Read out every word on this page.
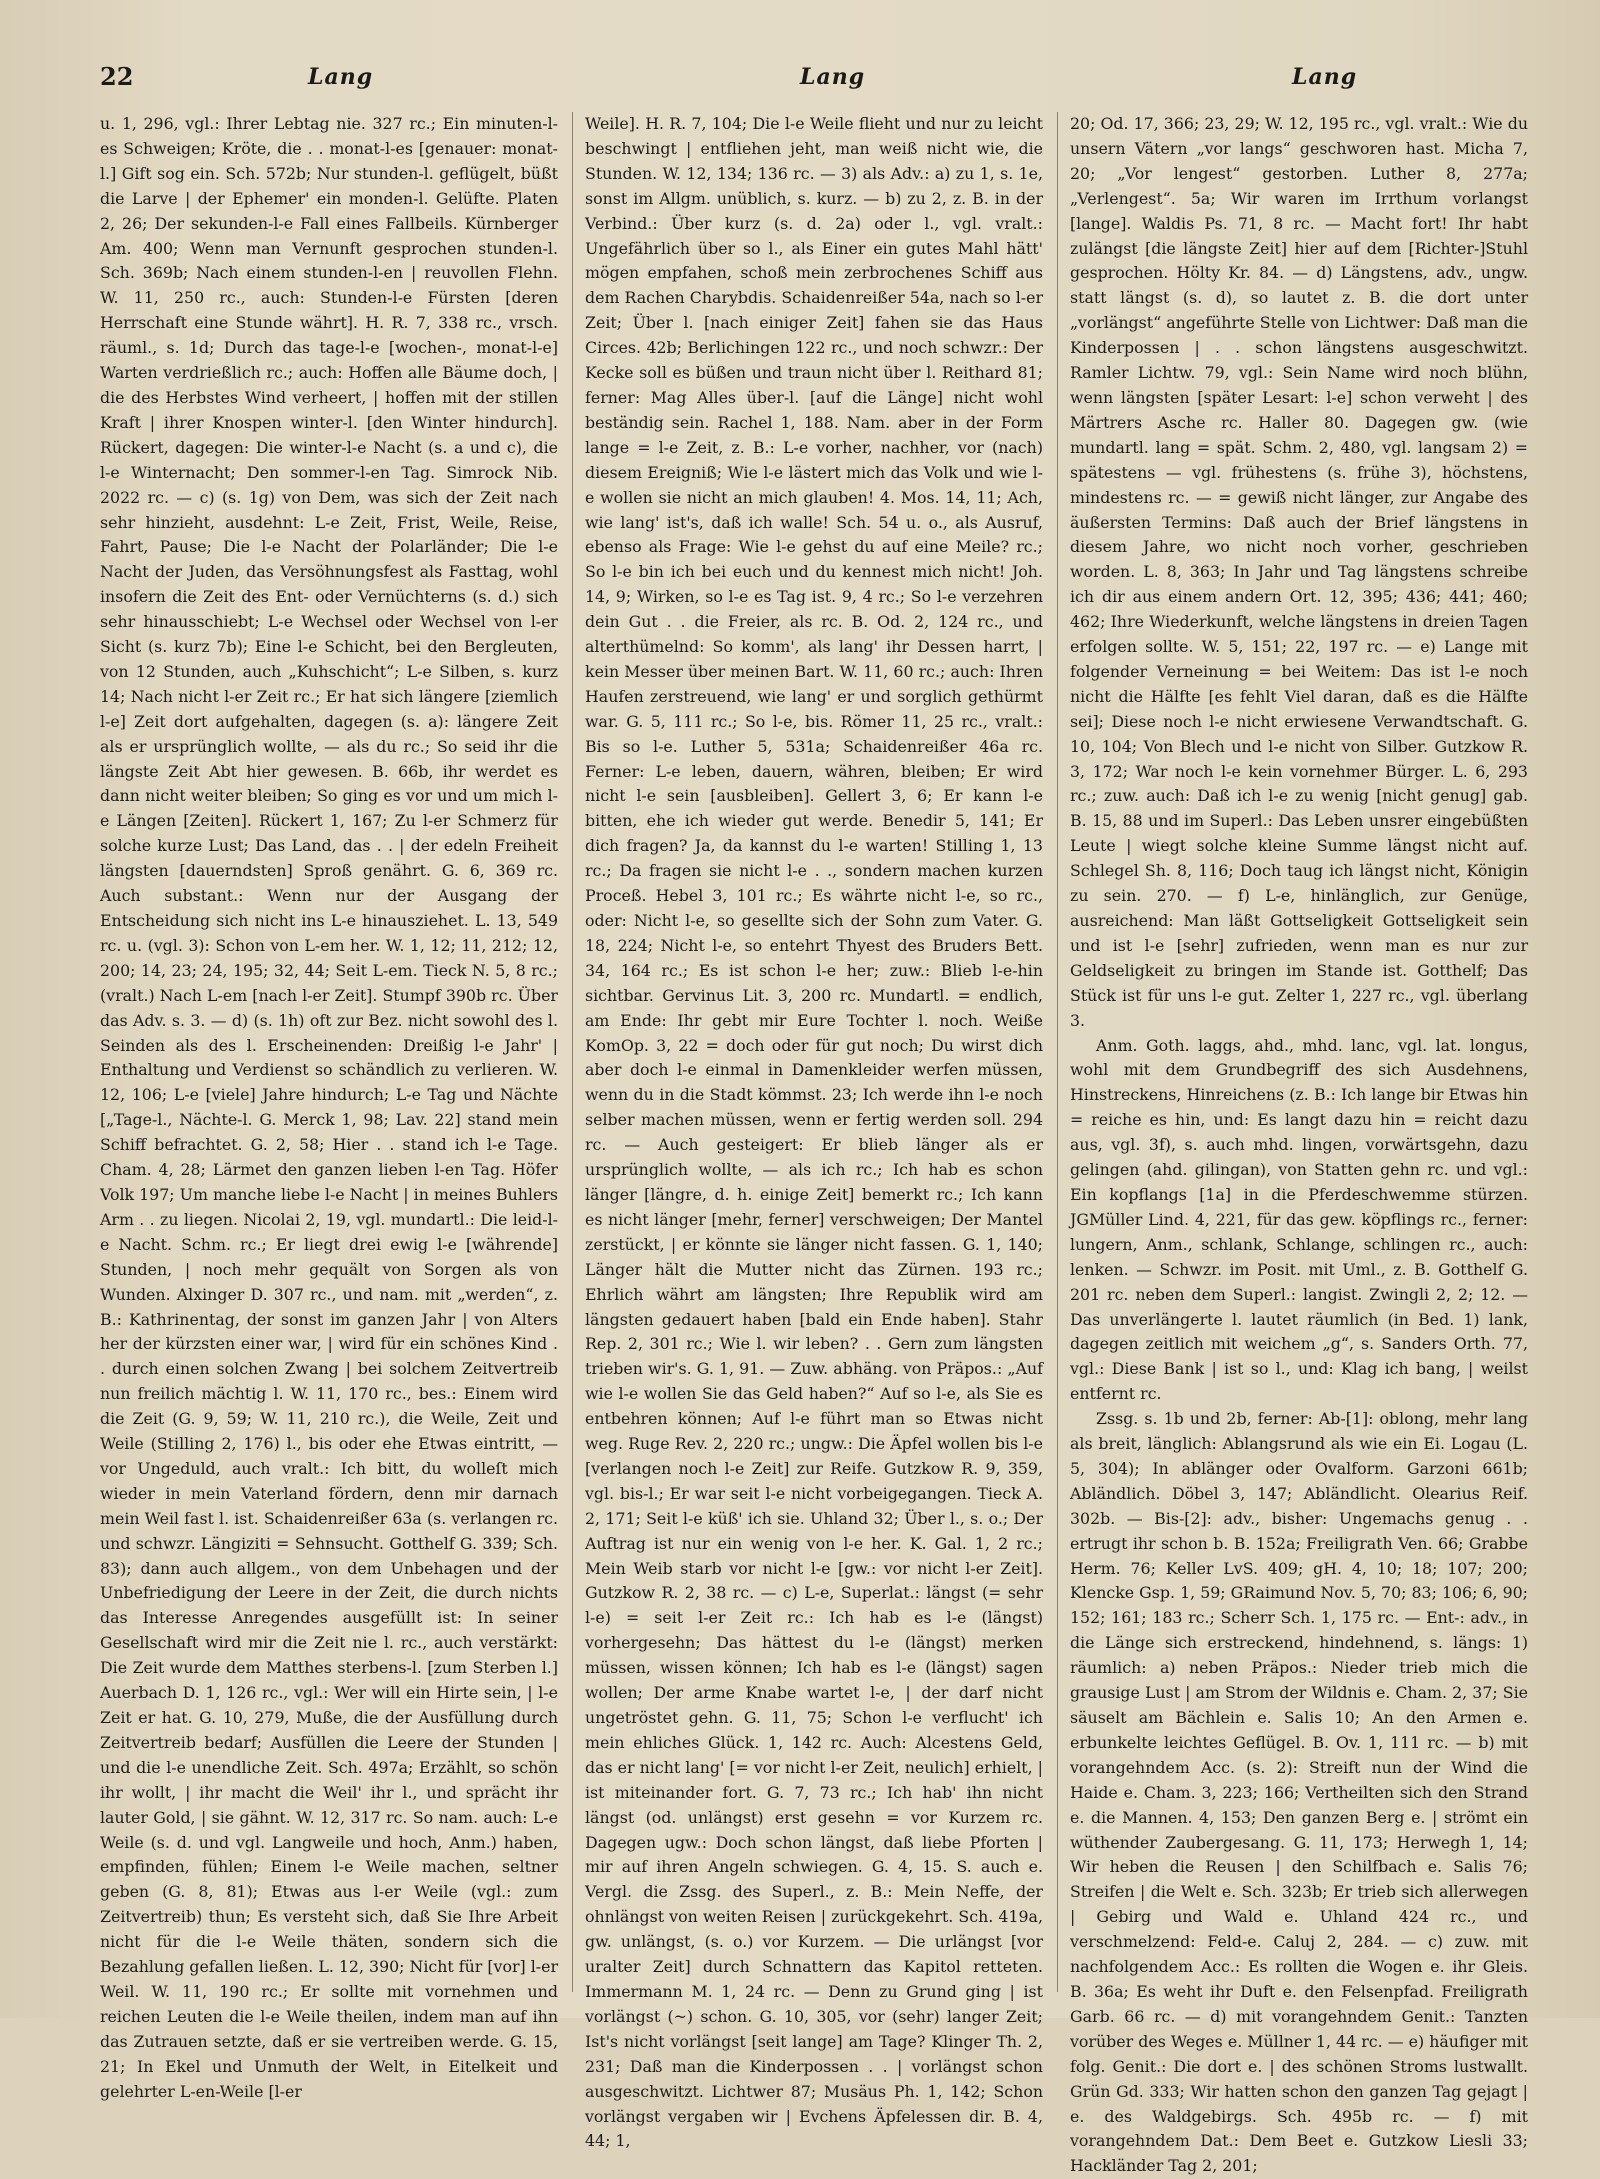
22	Lang	Lang	Lang

u. 1, 296, vgl.: Ihrer Lebtag nie. 327 rc.; Ein minuten-l-es Schweigen; Kröte, die . . monat-l-es [genauer: monat-l.] Gift sog ein. Sch. 572b; Nur stunden-l. geflügelt, büßt die Larve | der Ephemer' ein monden-l. Gelüfte. Platen 2, 26; Der sekunden-l-e Fall eines Fallbeils. Kürnberger Am. 400; Wenn man Vernunft gesprochen stunden-l. Sch. 369b; Nach einem stunden-l-en | reuvollen Flehn. W. 11, 250 rc., auch: Stunden-l-e Fürsten [deren Herrschaft eine Stunde währt]. H. R. 7, 338 rc., vrsch. räuml., s. 1d; Durch das tage-l-e [wochen-, monat-l-e] Warten verdrießlich rc.; auch: Hoffen alle Bäume doch, | die des Herbstes Wind verheert, | hoffen mit der stillen Kraft | ihrer Knospen winter-l. [den Winter hindurch]. Rückert, dagegen: Die winter-l-e Nacht (s. a und c), die l-e Winternacht; Den sommer-l-en Tag. Simrock Nib. 2022 rc. — c) (s. 1g) von Dem, was sich der Zeit nach sehr hinzieht, ausdehnt: L-e Zeit, Frist, Weile, Reise, Fahrt, Pause; Die l-e Nacht der Polarländer; Die l-e Nacht der Juden, das Versöhnungsfest als Fasttag, wohl insofern die Zeit des Ent- oder Vernüchterns (s. d.) sich sehr hinausschiebt; L-e Wechsel oder Wechsel von l-er Sicht (s. kurz 7b); Eine l-e Schicht, bei den Bergleuten, von 12 Stunden, auch „Kuhschicht“; L-e Silben, s. kurz 14; Nach nicht l-er Zeit rc.; Er hat sich längere [ziemlich l-e] Zeit dort aufgehalten, dagegen (s. a): längere Zeit als er ursprünglich wollte, — als du rc.; So seid ihr die längste Zeit Abt hier gewesen. B. 66b, ihr werdet es dann nicht weiter bleiben; So ging es vor und um mich l-e Längen [Zeiten]. Rückert 1, 167; Zu l-er Schmerz für solche kurze Lust; Das Land, das . . | der edeln Freiheit längsten [dauerndsten] Sproß genährt. G. 6, 369 rc. Auch substant.: Wenn nur der Ausgang der Entscheidung sich nicht ins L-e hinausziehet. L. 13, 549 rc. u. (vgl. 3): Schon von L-em her. W. 1, 12; 11, 212; 12, 200; 14, 23; 24, 195; 32, 44; Seit L-em. Tieck N. 5, 8 rc.; (vralt.) Nach L-em [nach l-er Zeit]. Stumpf 390b rc. Über das Adv. s. 3. — d) (s. 1h) oft zur Bez. nicht sowohl des l. Seinden als des l. Erscheinenden: Dreißig l-e Jahr' | Enthaltung und Verdienst so schändlich zu verlieren. W. 12, 106; L-e [viele] Jahre hindurch; L-e Tag und Nächte [„Tage-l., Nächte-l. G. Merck 1, 98; Lav. 22] stand mein Schiff befrachtet. G. 2, 58; Hier . . stand ich l-e Tage. Cham. 4, 28; Lärmet den ganzen lieben l-en Tag. Höfer Volk 197; Um manche liebe l-e Nacht | in meines Buhlers Arm . . zu liegen. Nicolai 2, 19, vgl. mundartl.: Die leid-l-e Nacht. Schm. rc.; Er liegt drei ewig l-e [währende] Stunden, | noch mehr gequält von Sorgen als von Wunden. Alxinger D. 307 rc., und nam. mit „werden“, z. B.: Kathrinentag, der sonst im ganzen Jahr | von Alters her der kürzsten einer war, | wird für ein schönes Kind . . durch einen solchen Zwang | bei solchem Zeitvertreib nun freilich mächtig l. W. 11, 170 rc., bes.: Einem wird die Zeit (G. 9, 59; W. 11, 210 rc.), die Weile, Zeit und Weile (Stilling 2, 176) l., bis oder ehe Etwas eintritt, — vor Ungeduld, auch vralt.: Ich bitt, du wolleſt mich wieder in mein Vaterland fördern, denn mir darnach mein Weil fast l. ist. Schaidenreißer 63a (s. verlangen rc. und schwzr. Längiziti = Sehnsucht. Gotthelf G. 339; Sch. 83); dann auch allgem., von dem Unbehagen und der Unbefriedigung der Leere in der Zeit, die durch nichts das Interesse Anregendes ausgefüllt ist: In seiner Gesellschaft wird mir die Zeit nie l. rc., auch verstärkt: Die Zeit wurde dem Matthes sterbens-l. [zum Sterben l.] Auerbach D. 1, 126 rc., vgl.: Wer will ein Hirte sein, | l-e Zeit er hat. G. 10, 279, Muße, die der Ausfüllung durch Zeitvertreib bedarf; Ausfüllen die Leere der Stunden | und die l-e unendliche Zeit. Sch. 497a; Erzählt, so schön ihr wollt, | ihr macht die Weil' ihr l., und sprächt ihr lauter Gold, | sie gähnt. W. 12, 317 rc. So nam. auch: L-e Weile (s. d. und vgl. Langweile und hoch, Anm.) haben, empfinden, fühlen; Einem l-e Weile machen, seltner geben (G. 8, 81); Etwas aus l-er Weile (vgl.: zum Zeitvertreib) thun; Es versteht sich, daß Sie Ihre Arbeit nicht für die l-e Weile thäten, sondern sich die Bezahlung gefallen ließen. L. 12, 390; Nicht für [vor] l-er Weil. W. 11, 190 rc.; Er sollte mit vornehmen und reichen Leuten die l-e Weile theilen, indem man auf ihn das Zutrauen setzte, daß er sie vertreiben werde. G. 15, 21; In Ekel und Unmuth der Welt, in Eitelkeit und gelehrter L-en-Weile [l-er

Weile]. H. R. 7, 104; Die l-e Weile flieht und nur zu leicht beschwingt | entfliehen jeht, man weiß nicht wie, die Stunden. W. 12, 134; 136 rc. — 3) als Adv.: a) zu 1, s. 1e, sonst im Allgm. unüblich, s. kurz. — b) zu 2, z. B. in der Verbind.: Über kurz (s. d. 2a) oder l., vgl. vralt.: Ungefährlich über so l., als Einer ein gutes Mahl hätt' mögen empfahen, schoß mein zerbrochenes Schiff aus dem Rachen Charybdis. Schaidenreißer 54a, nach so l-er Zeit; Über l. [nach einiger Zeit] fahen sie das Haus Circes. 42b; Berlichingen 122 rc., und noch schwzr.: Der Kecke soll es büßen und traun nicht über l. Reithard 81; ferner: Mag Alles über-l. [auf die Länge] nicht wohl beständig sein. Rachel 1, 188. Nam. aber in der Form lange = l-e Zeit, z. B.: L-e vorher, nachher, vor (nach) diesem Ereigniß; Wie l-e lästert mich das Volk und wie l-e wollen sie nicht an mich glauben! 4. Mos. 14, 11; Ach, wie lang' ist's, daß ich walle! Sch. 54 u. o., als Ausruf, ebenso als Frage: Wie l-e gehst du auf eine Meile? rc.; So l-e bin ich bei euch und du kennest mich nicht! Joh. 14, 9; Wirken, so l-e es Tag ist. 9, 4 rc.; So l-e verzehren dein Gut . . die Freier, als rc. B. Od. 2, 124 rc., und alterthümelnd: So komm', als lang' ihr Dessen harrt, | kein Messer über meinen Bart. W. 11, 60 rc.; auch: Ihren Haufen zerstreuend, wie lang' er und sorglich gethürmt war. G. 5, 111 rc.; So l-e, bis. Römer 11, 25 rc., vralt.: Bis so l-e. Luther 5, 531a; Schaidenreißer 46a rc. Ferner: L-e leben, dauern, währen, bleiben; Er wird nicht l-e sein [ausbleiben]. Gellert 3, 6; Er kann l-e bitten, ehe ich wieder gut werde. Benedir 5, 141; Er dich fragen? Ja, da kannst du l-e warten! Stilling 1, 13 rc.; Da fragen sie nicht l-e . ., sondern machen kurzen Proceß. Hebel 3, 101 rc.; Es währte nicht l-e, so rc., oder: Nicht l-e, so gesellte sich der Sohn zum Vater. G. 18, 224; Nicht l-e, so entehrt Thyest des Bruders Bett. 34, 164 rc.; Es ist schon l-e her; zuw.: Blieb l-e-hin sichtbar. Gervinus Lit. 3, 200 rc. Mundartl. = endlich, am Ende: Ihr gebt mir Eure Tochter l. noch. Weiße KomOp. 3, 22 = doch oder für gut noch; Du wirst dich aber doch l-e einmal in Damenkleider werfen müssen, wenn du in die Stadt kömmst. 23; Ich werde ihn l-e noch selber machen müssen, wenn er fertig werden soll. 294 rc. — Auch gesteigert: Er blieb länger als er ursprünglich wollte, — als ich rc.; Ich hab es schon länger [längre, d. h. einige Zeit] bemerkt rc.; Ich kann es nicht länger [mehr, ferner] verschweigen; Der Mantel zerstückt, | er könnte sie länger nicht fassen. G. 1, 140; Länger hält die Mutter nicht das Zürnen. 193 rc.; Ehrlich währt am längsten; Ihre Republik wird am längsten gedauert haben [bald ein Ende haben]. Stahr Rep. 2, 301 rc.; Wie l. wir leben? . . Gern zum längsten trieben wir's. G. 1, 91. — Zuw. abhäng. von Präpos.: „Auf wie l-e wollen Sie das Geld haben?“ Auf so l-e, als Sie es entbehren können; Auf l-e führt man so Etwas nicht weg. Ruge Rev. 2, 220 rc.; ungw.: Die Äpfel wollen bis l-e [verlangen noch l-e Zeit] zur Reife. Gutzkow R. 9, 359, vgl. bis-l.; Er war seit l-e nicht vorbeigegangen. Tieck A. 2, 171; Seit l-e küß' ich sie. Uhland 32; Über l., s. o.; Der Auftrag ist nur ein wenig von l-e her. K. Gal. 1, 2 rc.; Mein Weib starb vor nicht l-e [gw.: vor nicht l-er Zeit]. Gutzkow R. 2, 38 rc. — c) L-e, Superlat.: längst (= sehr l-e) = seit l-er Zeit rc.: Ich hab es l-e (längst) vorhergesehn; Das hättest du l-e (längst) merken müssen, wissen können; Ich hab es l-e (längst) sagen wollen; Der arme Knabe wartet l-e, | der darf nicht ungetröstet gehn. G. 11, 75; Schon l-e verflucht' ich mein ehliches Glück. 1, 142 rc. Auch: Alcestens Geld, das er nicht lang' [= vor nicht l-er Zeit, neulich] erhielt, | ist miteinander fort. G. 7, 73 rc.; Ich hab' ihn nicht längst (od. unlängst) erst gesehn = vor Kurzem rc. Dagegen ugw.: Doch schon längst, daß liebe Pforten | mir auf ihren Angeln schwiegen. G. 4, 15. S. auch e. Vergl. die Zssg. des Superl., z. B.: Mein Neffe, der ohnlängst von weiten Reisen | zurückgekehrt. Sch. 419a, gw. unlängst, (s. o.) vor Kurzem. — Die urlängst [vor uralter Zeit] durch Schnattern das Kapitol retteten. Immermann M. 1, 24 rc. — Denn zu Grund ging | ist vorlängst (~) schon. G. 10, 305, vor (sehr) langer Zeit; Ist's nicht vorlängst [seit lange] am Tage? Klinger Th. 2, 231; Daß man die Kinderpossen . . | vorlängst schon ausgeschwitzt. Lichtwer 87; Musäus Ph. 1, 142; Schon vorlängst vergaben wir | Evchens Äpfelessen dir. B. 4, 44; 1,

20; Od. 17, 366; 23, 29; W. 12, 195 rc., vgl. vralt.: Wie du unsern Vätern „vor langs“ geschworen hast. Micha 7, 20; „Vor lengest“ gestorben. Luther 8, 277a; „Verlengest“. 5a; Wir waren im Irrthum vorlangst [lange]. Waldis Ps. 71, 8 rc. — Macht fort! Ihr habt zulängst [die längste Zeit] hier auf dem [Richter-]Stuhl gesprochen. Hölty Kr. 84. — d) Längstens, adv., ungw. statt längst (s. d), so lautet z. B. die dort unter „vorlängst“ angeführte Stelle von Lichtwer: Daß man die Kinderpossen | . . schon längstens ausgeschwitzt. Ramler Lichtw. 79, vgl.: Sein Name wird noch blühn, wenn längsten [später Lesart: l-e] schon verweht | des Märtrers Asche rc. Haller 80. Dagegen gw. (wie mundartl. lang = spät. Schm. 2, 480, vgl. langsam 2) = spätestens — vgl. frühestens (s. frühe 3), höchstens, mindestens rc. — = gewiß nicht länger, zur Angabe des äußersten Termins: Daß auch der Brief längstens in diesem Jahre, wo nicht noch vorher, geschrieben worden. L. 8, 363; In Jahr und Tag längstens schreibe ich dir aus einem andern Ort. 12, 395; 436; 441; 460; 462; Ihre Wiederkunft, welche längstens in dreien Tagen erfolgen sollte. W. 5, 151; 22, 197 rc. — e) Lange mit folgender Verneinung = bei Weitem: Das ist l-e noch nicht die Hälfte [es fehlt Viel daran, daß es die Hälfte sei]; Diese noch l-e nicht erwiesene Verwandtschaft. G. 10, 104; Von Blech und l-e nicht von Silber. Gutzkow R. 3, 172; War noch l-e kein vornehmer Bürger. L. 6, 293 rc.; zuw. auch: Daß ich l-e zu wenig [nicht genug] gab. B. 15, 88 und im Superl.: Das Leben unsrer eingebüßten Leute | wiegt solche kleine Summe längst nicht auf. Schlegel Sh. 8, 116; Doch taug ich längst nicht, Königin zu sein. 270. — f) L-e, hinlänglich, zur Genüge, ausreichend: Man läßt Gottseligkeit Gottseligkeit sein und ist l-e [sehr] zufrieden, wenn man es nur zur Geldseligkeit zu bringen im Stande ist. Gotthelf; Das Stück ist für uns l-e gut. Zelter 1, 227 rc., vgl. überlang 3.

Anm. Goth. laggs, ahd., mhd. lanc, vgl. lat. longus, wohl mit dem Grundbegriff des sich Ausdehnens, Hinstreckens, Hinreichens (z. B.: Ich lange bir Etwas hin = reiche es hin, und: Es langt dazu hin = reicht dazu aus, vgl. 3f), s. auch mhd. lingen, vorwärtsgehn, dazu gelingen (ahd. gilingan), von Statten gehn rc. und vgl.: Ein kopflangs [1a] in die Pferdeschwemme stürzen. JGMüller Lind. 4, 221, für das gew. köpflings rc., ferner: lungern, Anm., schlank, Schlange, schlingen rc., auch: lenken. — Schwzr. im Posit. mit Uml., z. B. Gotthelf G. 201 rc. neben dem Superl.: langist. Zwingli 2, 2; 12. — Das unverlängerte l. lautet räumlich (in Bed. 1) lank, dagegen zeitlich mit weichem „g“, s. Sanders Orth. 77, vgl.: Diese Bank | ist so l., und: Klag ich bang, | weilst entfernt rc.

Zssg. s. 1b und 2b, ferner: Ab-[1]: oblong, mehr lang als breit, länglich: Ablangsrund als wie ein Ei. Logau (L. 5, 304); In ablänger oder Ovalform. Garzoni 661b; Abländlich. Döbel 3, 147; Abländlicht. Olearius Reif. 302b. — Bis-[2]: adv., bisher: Ungemachs genug . . ertrugt ihr schon b. B. 152a; Freiligrath Ven. 66; Grabbe Herm. 76; Keller LvS. 409; gH. 4, 10; 18; 107; 200; Klencke Gsp. 1, 59; GRaimund Nov. 5, 70; 83; 106; 6, 90; 152; 161; 183 rc.; Scherr Sch. 1, 175 rc. — Ent-: adv., in die Länge sich erstreckend, hindehnend, s. längs: 1) räumlich: a) neben Präpos.: Nieder trieb mich die grausige Lust | am Strom der Wildnis e. Cham. 2, 37; Sie säuselt am Bächlein e. Salis 10; An den Armen e. erbunkelte leichtes Geflügel. B. Ov. 1, 111 rc. — b) mit vorangehndem Acc. (s. 2): Streift nun der Wind die Haide e. Cham. 3, 223; 166; Vertheilten sich den Strand e. die Mannen. 4, 153; Den ganzen Berg e. | strömt ein wüthender Zaubergesang. G. 11, 173; Herwegh 1, 14; Wir heben die Reusen | den Schilfbach e. Salis 76; Streifen | die Welt e. Sch. 323b; Er trieb sich allerwegen | Gebirg und Wald e. Uhland 424 rc., und verschmelzend: Feld-e. Caluj 2, 284. — c) zuw. mit nachfolgendem Acc.: Es rollten die Wogen e. ihr Gleis. B. 36a; Es weht ihr Duft e. den Felsenpfad. Freiligrath Garb. 66 rc. — d) mit vorangehndem Genit.: Tanzten vorüber des Weges e. Müllner 1, 44 rc. — e) häufiger mit folg. Genit.: Die dort e. | des schönen Stroms lustwallt. Grün Gd. 333; Wir hatten schon den ganzen Tag gejagt | e. des Waldgebirgs. Sch. 495b rc. — f) mit vorangehndem Dat.: Dem Beet e. Gutzkow Liesli 33; Hackländer Tag 2, 201;
